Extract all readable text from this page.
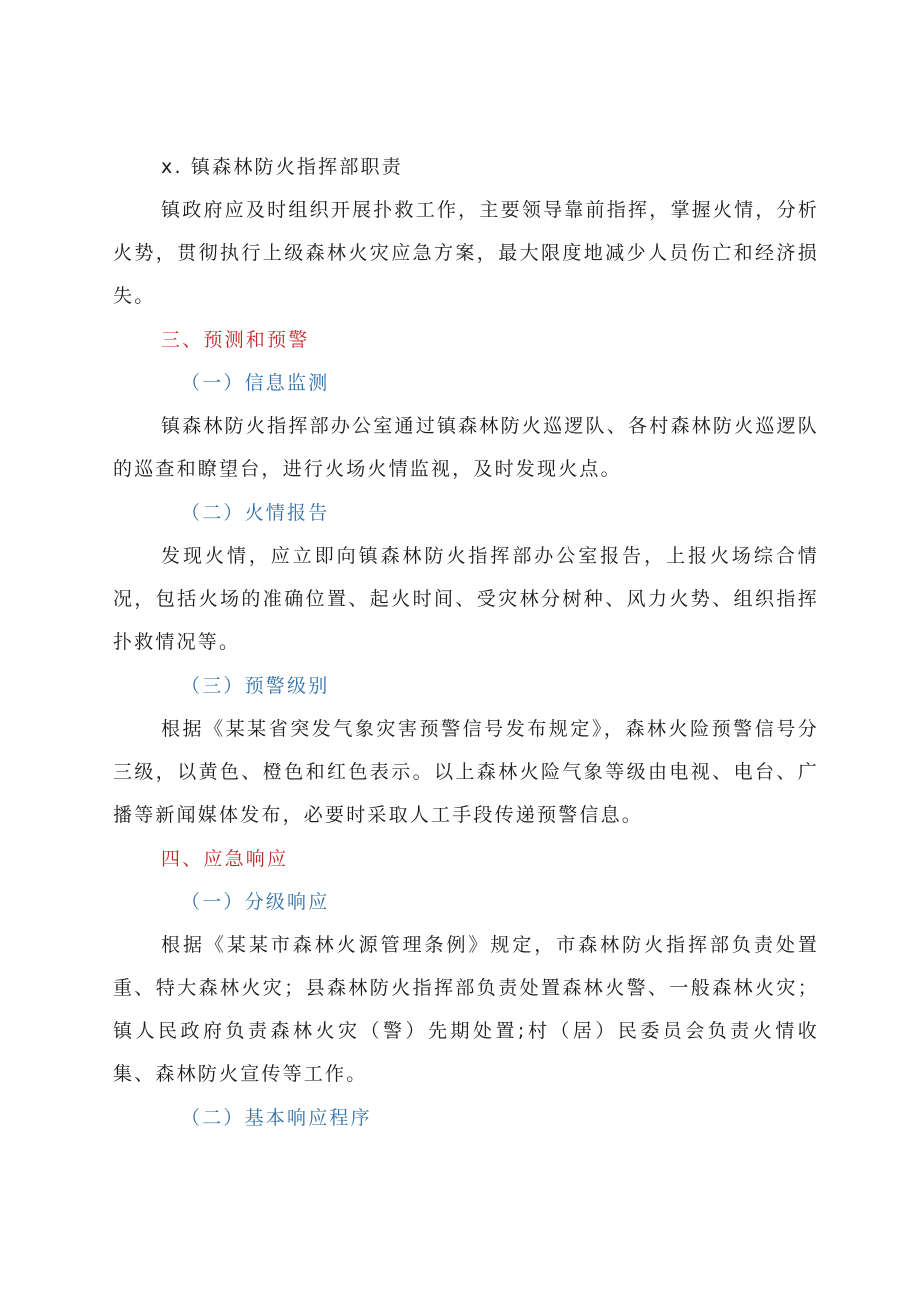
x. 镇森林防火指挥部职责

镇政府应及时组织开展扑救工作，主要领导靠前指挥，掌握火情，分析火势，贯彻执行上级森林火灾应急方案，最大限度地减少人员伤亡和经济损失。

三、预测和预警

（一）信息监测

镇森林防火指挥部办公室通过镇森林防火巡逻队、各村森林防火巡逻队的巡查和瞭望台，进行火场火情监视，及时发现火点。

（二）火情报告

发现火情，应立即向镇森林防火指挥部办公室报告，上报火场综合情况，包括火场的准确位置、起火时间、受灾林分树种、风力火势、组织指挥扑救情况等。

（三）预警级别

根据《某某省突发气象灾害预警信号发布规定》，森林火险预警信号分三级，以黄色、橙色和红色表示。以上森林火险气象等级由电视、电台、广播等新闻媒体发布，必要时采取人工手段传递预警信息。

四、应急响应

（一）分级响应

根据《某某市森林火源管理条例》规定，市森林防火指挥部负责处置重、特大森林火灾；县森林防火指挥部负责处置森林火警、一般森林火灾；镇人民政府负责森林火灾（警）先期处置;村（居）民委员会负责火情收集、森林防火宣传等工作。

（二）基本响应程序
